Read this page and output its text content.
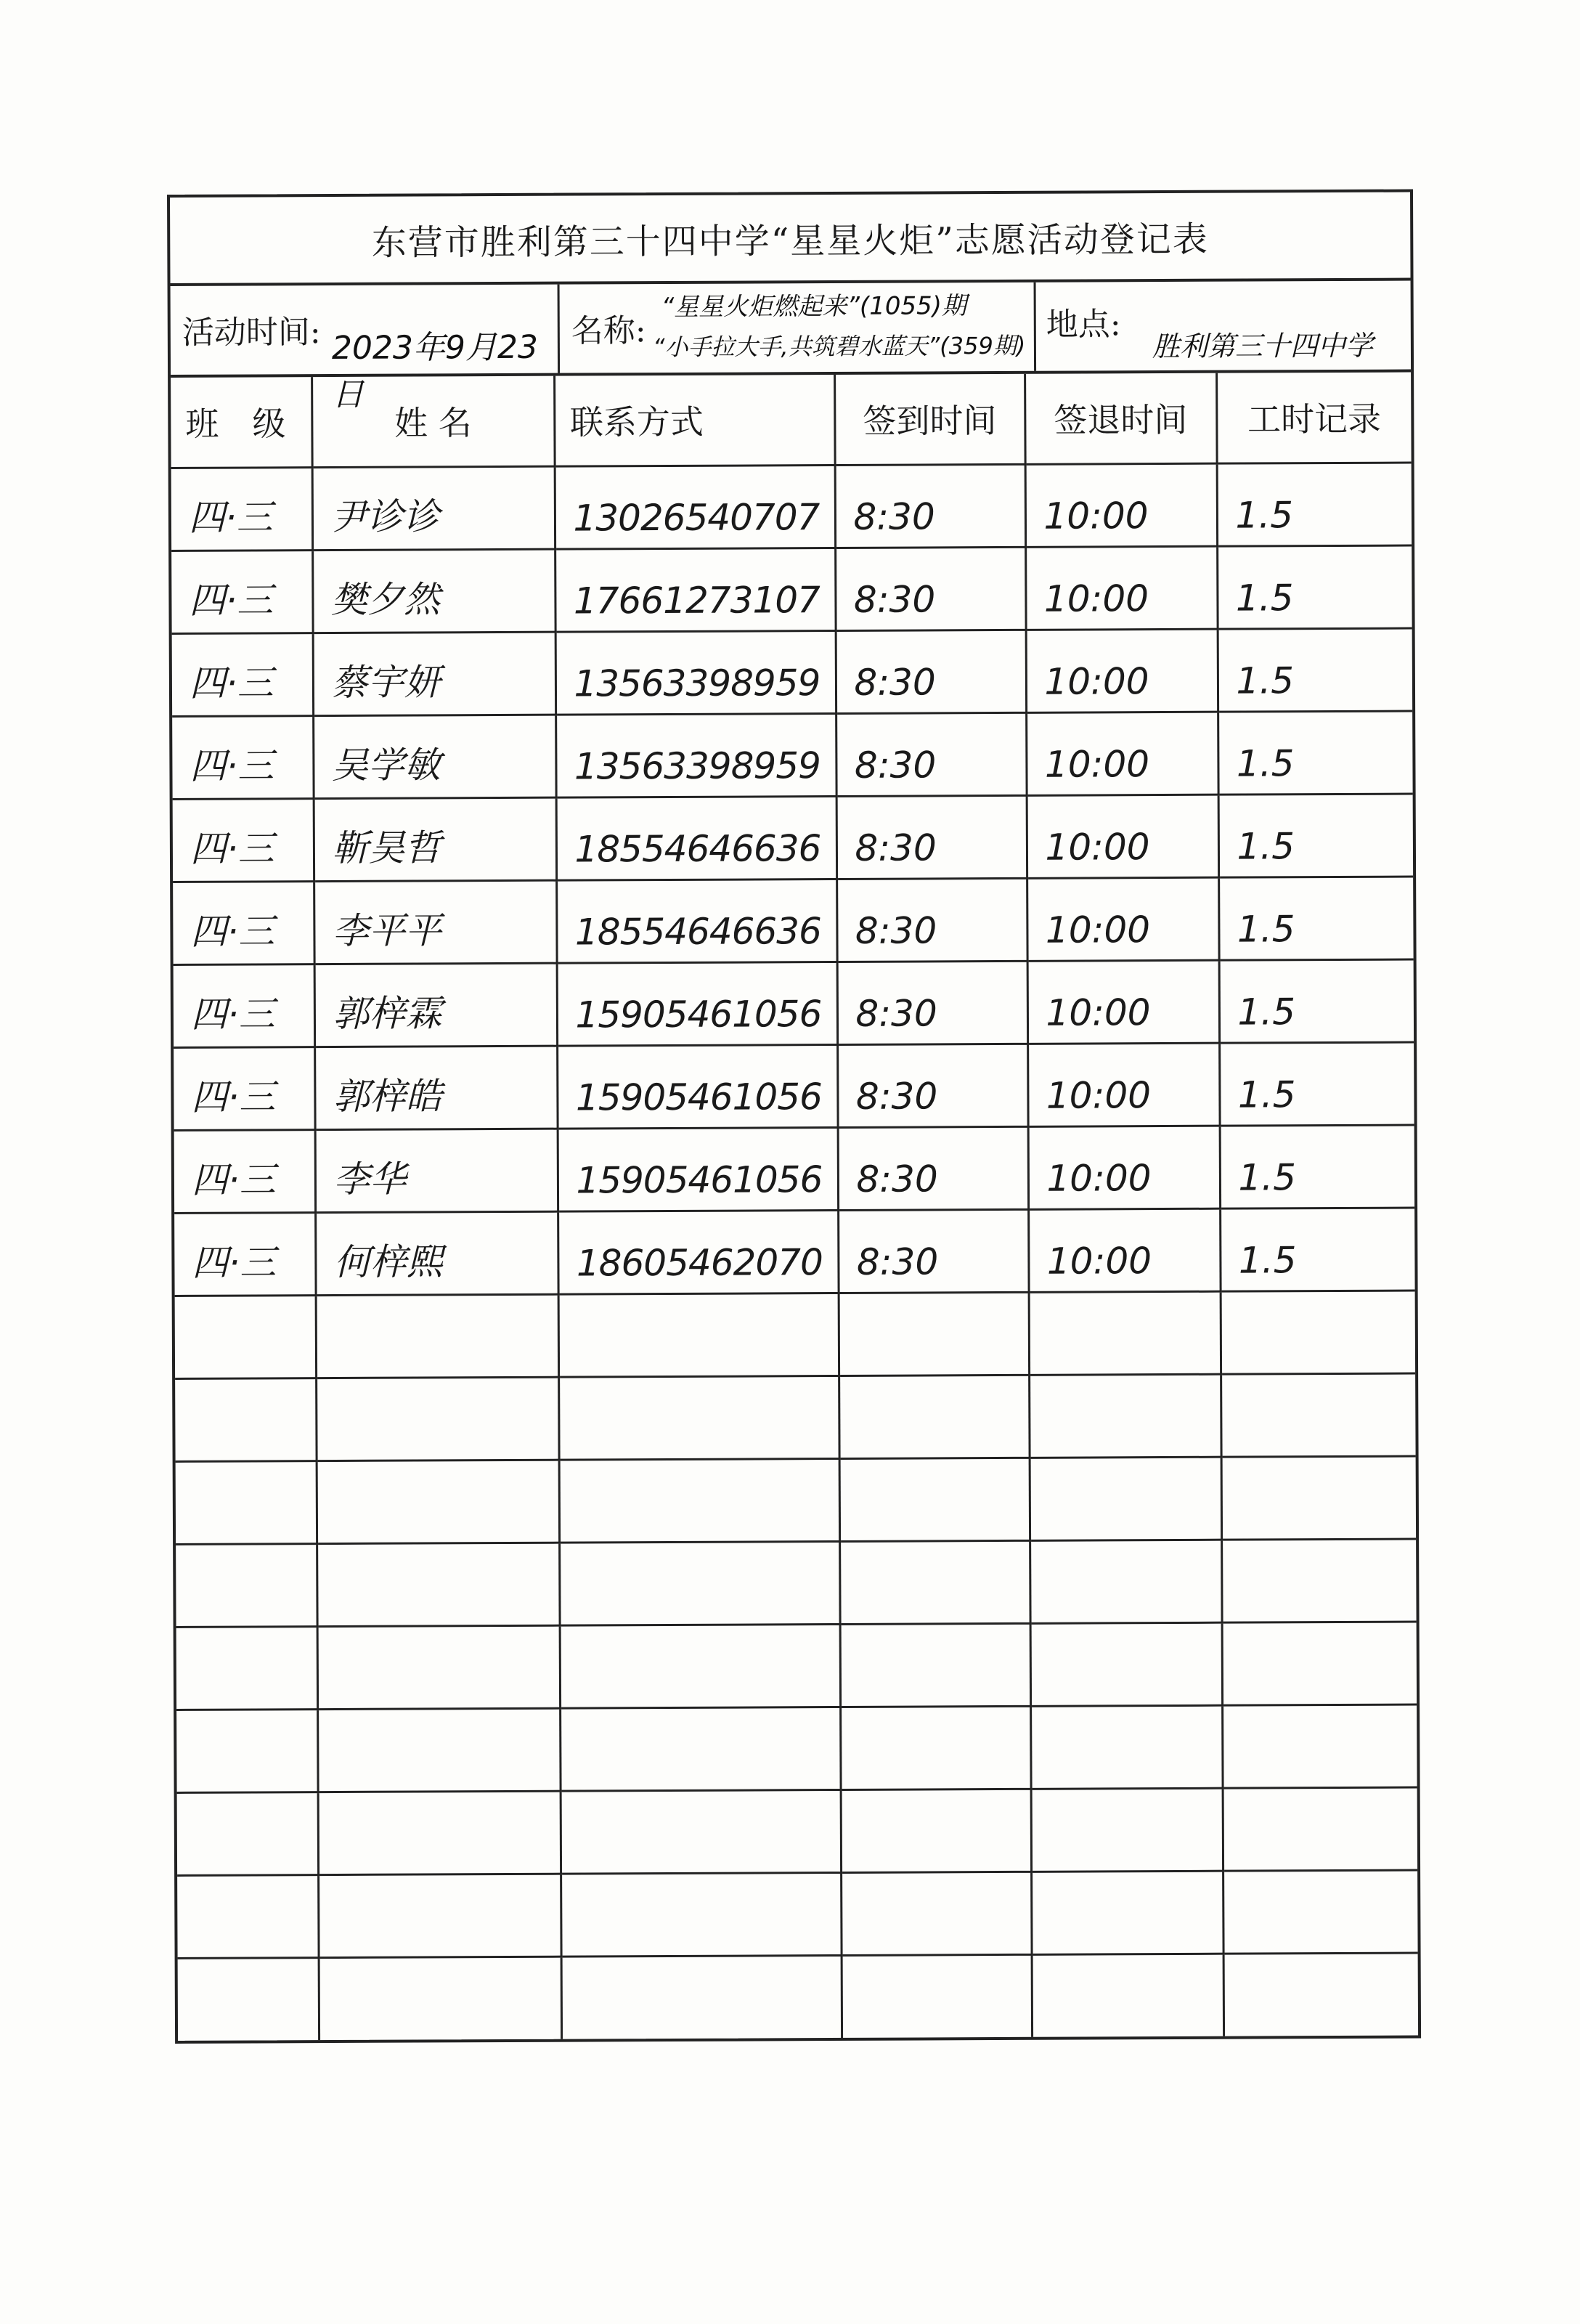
东营市胜利第三十四中学“星星火炬”志愿活动登记表
活动时间: 2023年9月23日
名称:
“星星火炬燃起来”(1055)期
“小手拉大手,共筑碧水蓝天”(359期)
地点:
胜利第三十四中学
班　级	姓 名	联系方式	签到时间	签退时间	工时记录
四·三	尹诊诊	13026540707	8:30	10:00	1.5
四·三	樊夕然	17661273107	8:30	10:00	1.5
四·三	蔡宇妍	13563398959	8:30	10:00	1.5
四·三	吴学敏	13563398959	8:30	10:00	1.5
四·三	靳昊哲	18554646636	8:30	10:00	1.5
四·三	李平平	18554646636	8:30	10:00	1.5
四·三	郭梓霖	15905461056	8:30	10:00	1.5
四·三	郭梓皓	15905461056	8:30	10:00	1.5
四·三	李华	15905461056	8:30	10:00	1.5
四·三	何梓熙	18605462070	8:30	10:00	1.5
